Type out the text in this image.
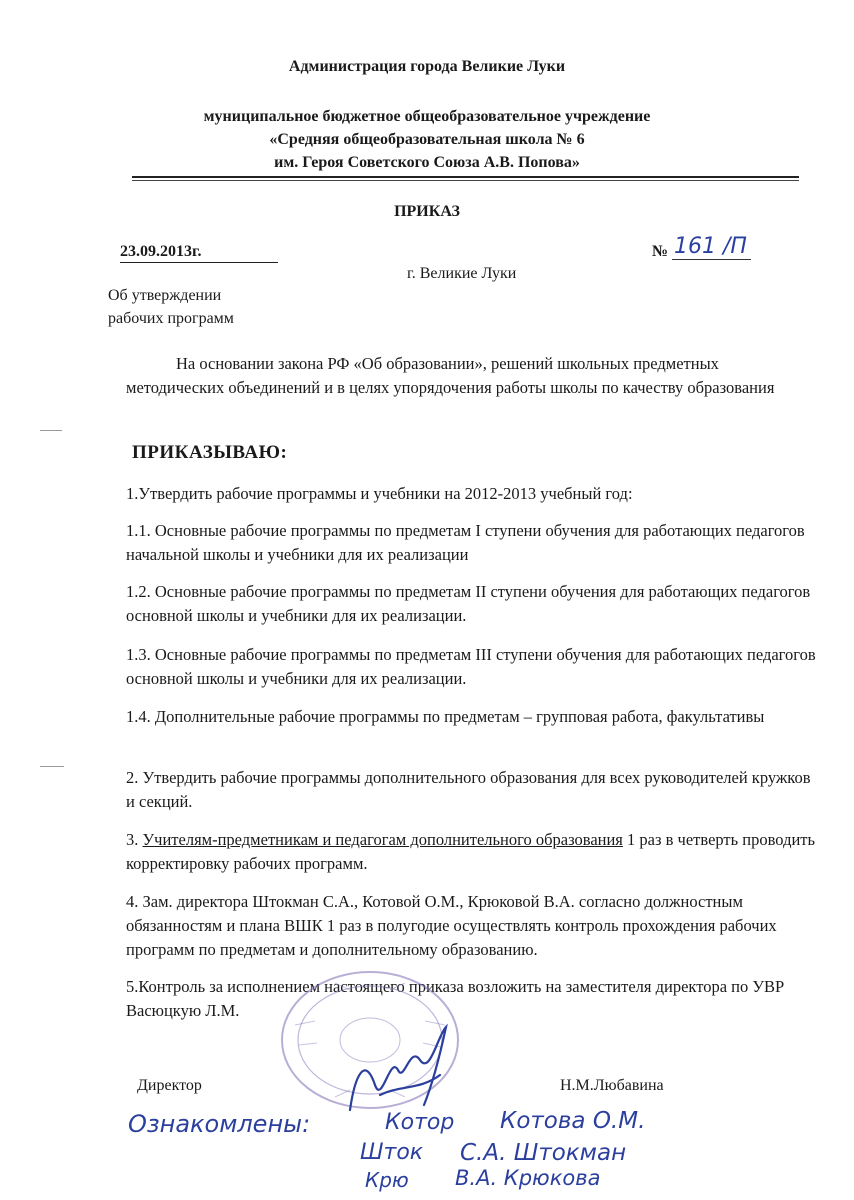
Администрация города Великие Луки
муниципальное бюджетное общеобразовательное учреждение
«Средняя общеобразовательная школа № 6
им. Героя Советского Союза А.В. Попова»
ПРИКАЗ
23.09.2013г.	№ 161 /П
г. Великие Луки
Об утверждении
рабочих программ
На основании закона РФ «Об образовании», решений школьных предметных методических объединений и в целях упорядочения работы школы по качеству образования
ПРИКАЗЫВАЮ:
1.Утвердить рабочие программы и учебники на 2012-2013 учебный год:
1.1. Основные рабочие программы по предметам I ступени обучения для работающих педагогов начальной школы и учебники для их реализации
1.2. Основные рабочие программы по предметам II ступени обучения для работающих педагогов основной школы и учебники для их реализации.
1.3. Основные рабочие программы по предметам III ступени обучения для работающих педагогов основной школы и учебники для их реализации.
1.4. Дополнительные рабочие программы по предметам – групповая работа, факультативы
2. Утвердить рабочие программы дополнительного образования для всех руководителей кружков и секций.
3. Учителям-предметникам и педагогам дополнительного образования 1 раз в четверть проводить корректировку рабочих программ.
4. Зам. директора Штокман С.А., Котовой О.М., Крюковой В.А. согласно должностным обязанностям и плана ВШК 1 раз в полугодие осуществлять контроль прохождения рабочих программ по предметам и дополнительному образованию.
5.Контроль за исполнением настоящего приказа возложить на заместителя директора по УВР Васюцкую Л.М.
Директор	Н.М.Любавина
Ознакомлены:	Котор Котова О.М.
Шток С.А. Штокман
Крю В.А. Крюкова
